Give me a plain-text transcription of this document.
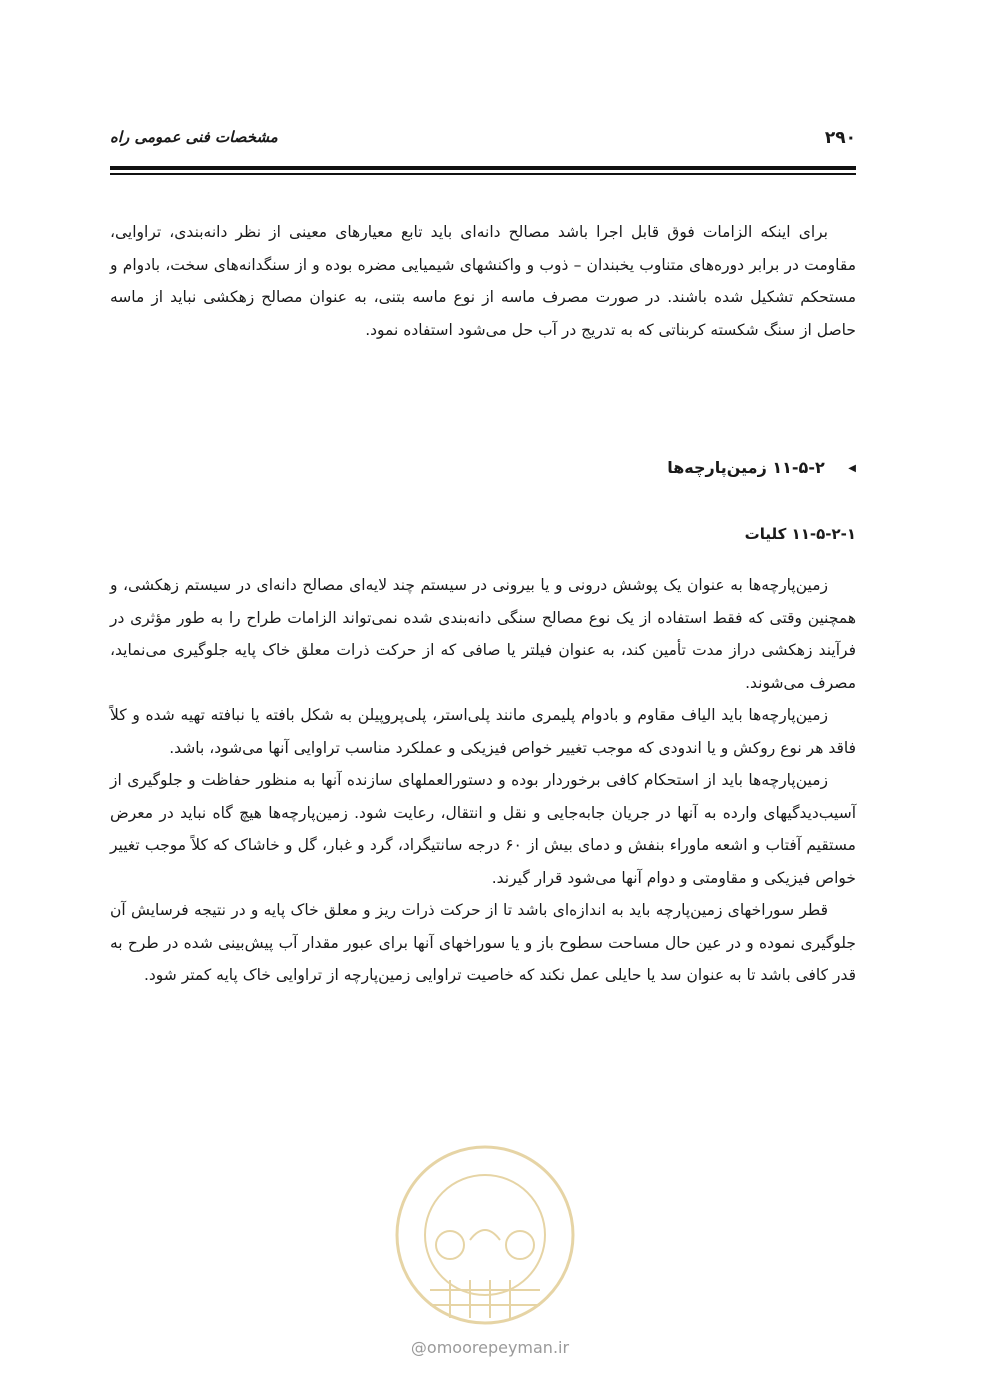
۲۹۰
مشخصات فنی عمومی راه

برای اینکه الزامات فوق قابل اجرا باشد مصالح دانه‌ای باید تابع معیارهای معینی از نظر دانه‌بندی، تراوایی، مقاومت در برابر دوره‌های متناوب یخبندان – ذوب و واکنشهای شیمیایی مضره بوده و از سنگدانه‌های سخت، بادوام و مستحکم تشکیل شده باشند. در صورت مصرف ماسه از نوع ماسه بتنی، به عنوان مصالح زهکشی نباید از ماسه حاصل از سنگ شکسته کربناتی که به تدریج در آب حل می‌شود استفاده نمود.

◀ ۱۱-۵-۲ زمین‌پارچه‌ها
۱۱-۵-۲-۱ کلیات

زمین‌پارچه‌ها به عنوان یک پوشش درونی و یا بیرونی در سیستم چند لایه‌ای مصالح دانه‌ای در سیستم زهکشی، و همچنین وقتی که فقط استفاده از یک نوع مصالح سنگی دانه‌بندی شده نمی‌تواند الزامات طراح را به طور مؤثری در فرآیند زهکشی دراز مدت تأمین کند، به عنوان فیلتر یا صافی که از حرکت ذرات معلق خاک پایه جلوگیری می‌نماید، مصرف می‌شوند.

زمین‌پارچه‌ها باید الیاف مقاوم و بادوام پلیمری مانند پلی‌استر، پلی‌پروپیلن به شکل بافته یا نبافته تهیه شده و کلاً فاقد هر نوع روکش و یا اندودی که موجب تغییر خواص فیزیکی و عملکرد مناسب تراوایی آنها می‌شود، باشد.

زمین‌پارچه‌ها باید از استحکام کافی برخوردار بوده و دستورالعملهای سازنده آنها به منظور حفاظت و جلوگیری از آسیب‌دیدگیهای وارده به آنها در جریان جابه‌جایی و نقل و انتقال، رعایت شود. زمین‌پارچه‌ها هیچ گاه نباید در معرض مستقیم آفتاب و اشعه ماوراء بنفش و دمای بیش از ۶۰ درجه سانتیگراد، گرد و غبار، گل و خاشاک که کلاً موجب تغییر خواص فیزیکی و مقاومتی و دوام آنها می‌شود قرار گیرند.

قطر سوراخهای زمین‌پارچه باید به اندازه‌ای باشد تا از حرکت ذرات ریز و معلق خاک پایه و در نتیجه فرسایش آن جلوگیری نموده و در عین حال مساحت سطوح باز و یا سوراخهای آنها برای عبور مقدار آب پیش‌بینی شده در طرح به قدر کافی باشد تا به عنوان سد یا حایلی عمل نکند که خاصیت تراوایی زمین‌پارچه از تراوایی خاک پایه کمتر شود.

@omoorepeyman.ir
